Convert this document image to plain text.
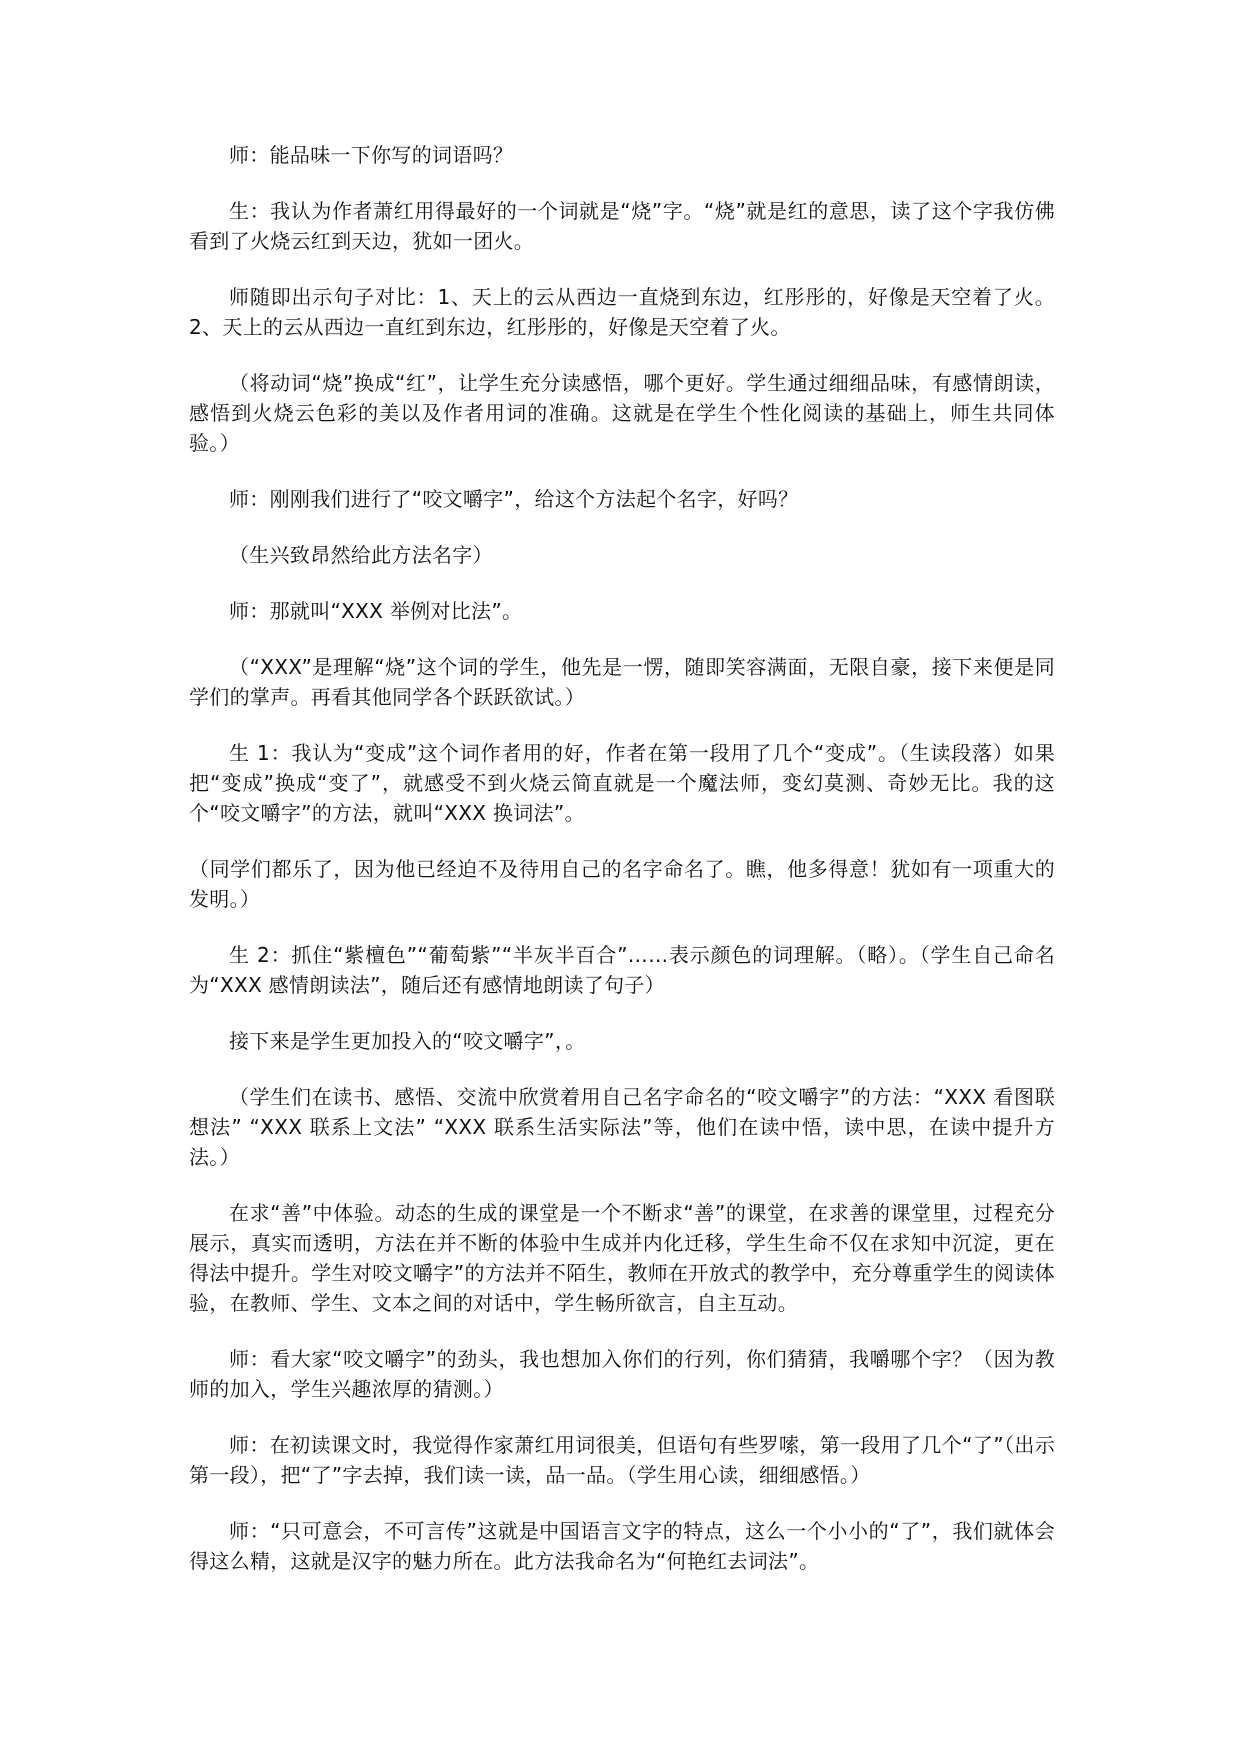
师：能品味一下你写的词语吗？

生：我认为作者萧红用得最好的一个词就是“烧”字。“烧”就是红的意思，读了这个字我仿佛看到了火烧云红到天边，犹如一团火。

师随即出示句子对比：1、天上的云从西边一直烧到东边，红彤彤的，好像是天空着了火。2、天上的云从西边一直红到东边，红彤彤的，好像是天空着了火。

（将动词“烧”换成“红”，让学生充分读感悟，哪个更好。学生通过细细品味，有感情朗读，感悟到火烧云色彩的美以及作者用词的准确。这就是在学生个性化阅读的基础上，师生共同体验。）

师：刚刚我们进行了“咬文嚼字”，给这个方法起个名字，好吗？

（生兴致昂然给此方法名字）

师：那就叫“XXX 举例对比法”。

（“XXX”是理解“烧”这个词的学生，他先是一愣，随即笑容满面，无限自豪，接下来便是同学们的掌声。再看其他同学各个跃跃欲试。）

生 1：我认为“变成”这个词作者用的好，作者在第一段用了几个“变成”。（生读段落）如果把“变成”换成“变了”，就感受不到火烧云简直就是一个魔法师，变幻莫测、奇妙无比。我的这个“咬文嚼字”的方法，就叫“XXX 换词法”。

（同学们都乐了，因为他已经迫不及待用自己的名字命名了。瞧，他多得意！犹如有一项重大的发明。）

生 2：抓住“紫檀色”“葡萄紫”“半灰半百合”……表示颜色的词理解。（略）。（学生自己命名为“XXX 感情朗读法”，随后还有感情地朗读了句子）

接下来是学生更加投入的“咬文嚼字”，。

（学生们在读书、感悟、交流中欣赏着用自己名字命名的“咬文嚼字”的方法：“XXX 看图联想法” “XXX 联系上文法” “XXX 联系生活实际法”等，他们在读中悟，读中思，在读中提升方法。）

在求“善”中体验。动态的生成的课堂是一个不断求“善”的课堂，在求善的课堂里，过程充分展示，真实而透明，方法在并不断的体验中生成并内化迁移，学生生命不仅在求知中沉淀，更在得法中提升。学生对咬文嚼字”的方法并不陌生，教师在开放式的教学中，充分尊重学生的阅读体验，在教师、学生、文本之间的对话中，学生畅所欲言，自主互动。

师：看大家“咬文嚼字”的劲头，我也想加入你们的行列，你们猜猜，我嚼哪个字？（因为教师的加入，学生兴趣浓厚的猜测。）

师：在初读课文时，我觉得作家萧红用词很美，但语句有些罗嗦，第一段用了几个“了”（出示第一段），把“了”字去掉，我们读一读，品一品。（学生用心读，细细感悟。）

师：“只可意会，不可言传”这就是中国语言文字的特点，这么一个小小的“了”，我们就体会得这么精，这就是汉字的魅力所在。此方法我命名为“何艳红去词法”。
